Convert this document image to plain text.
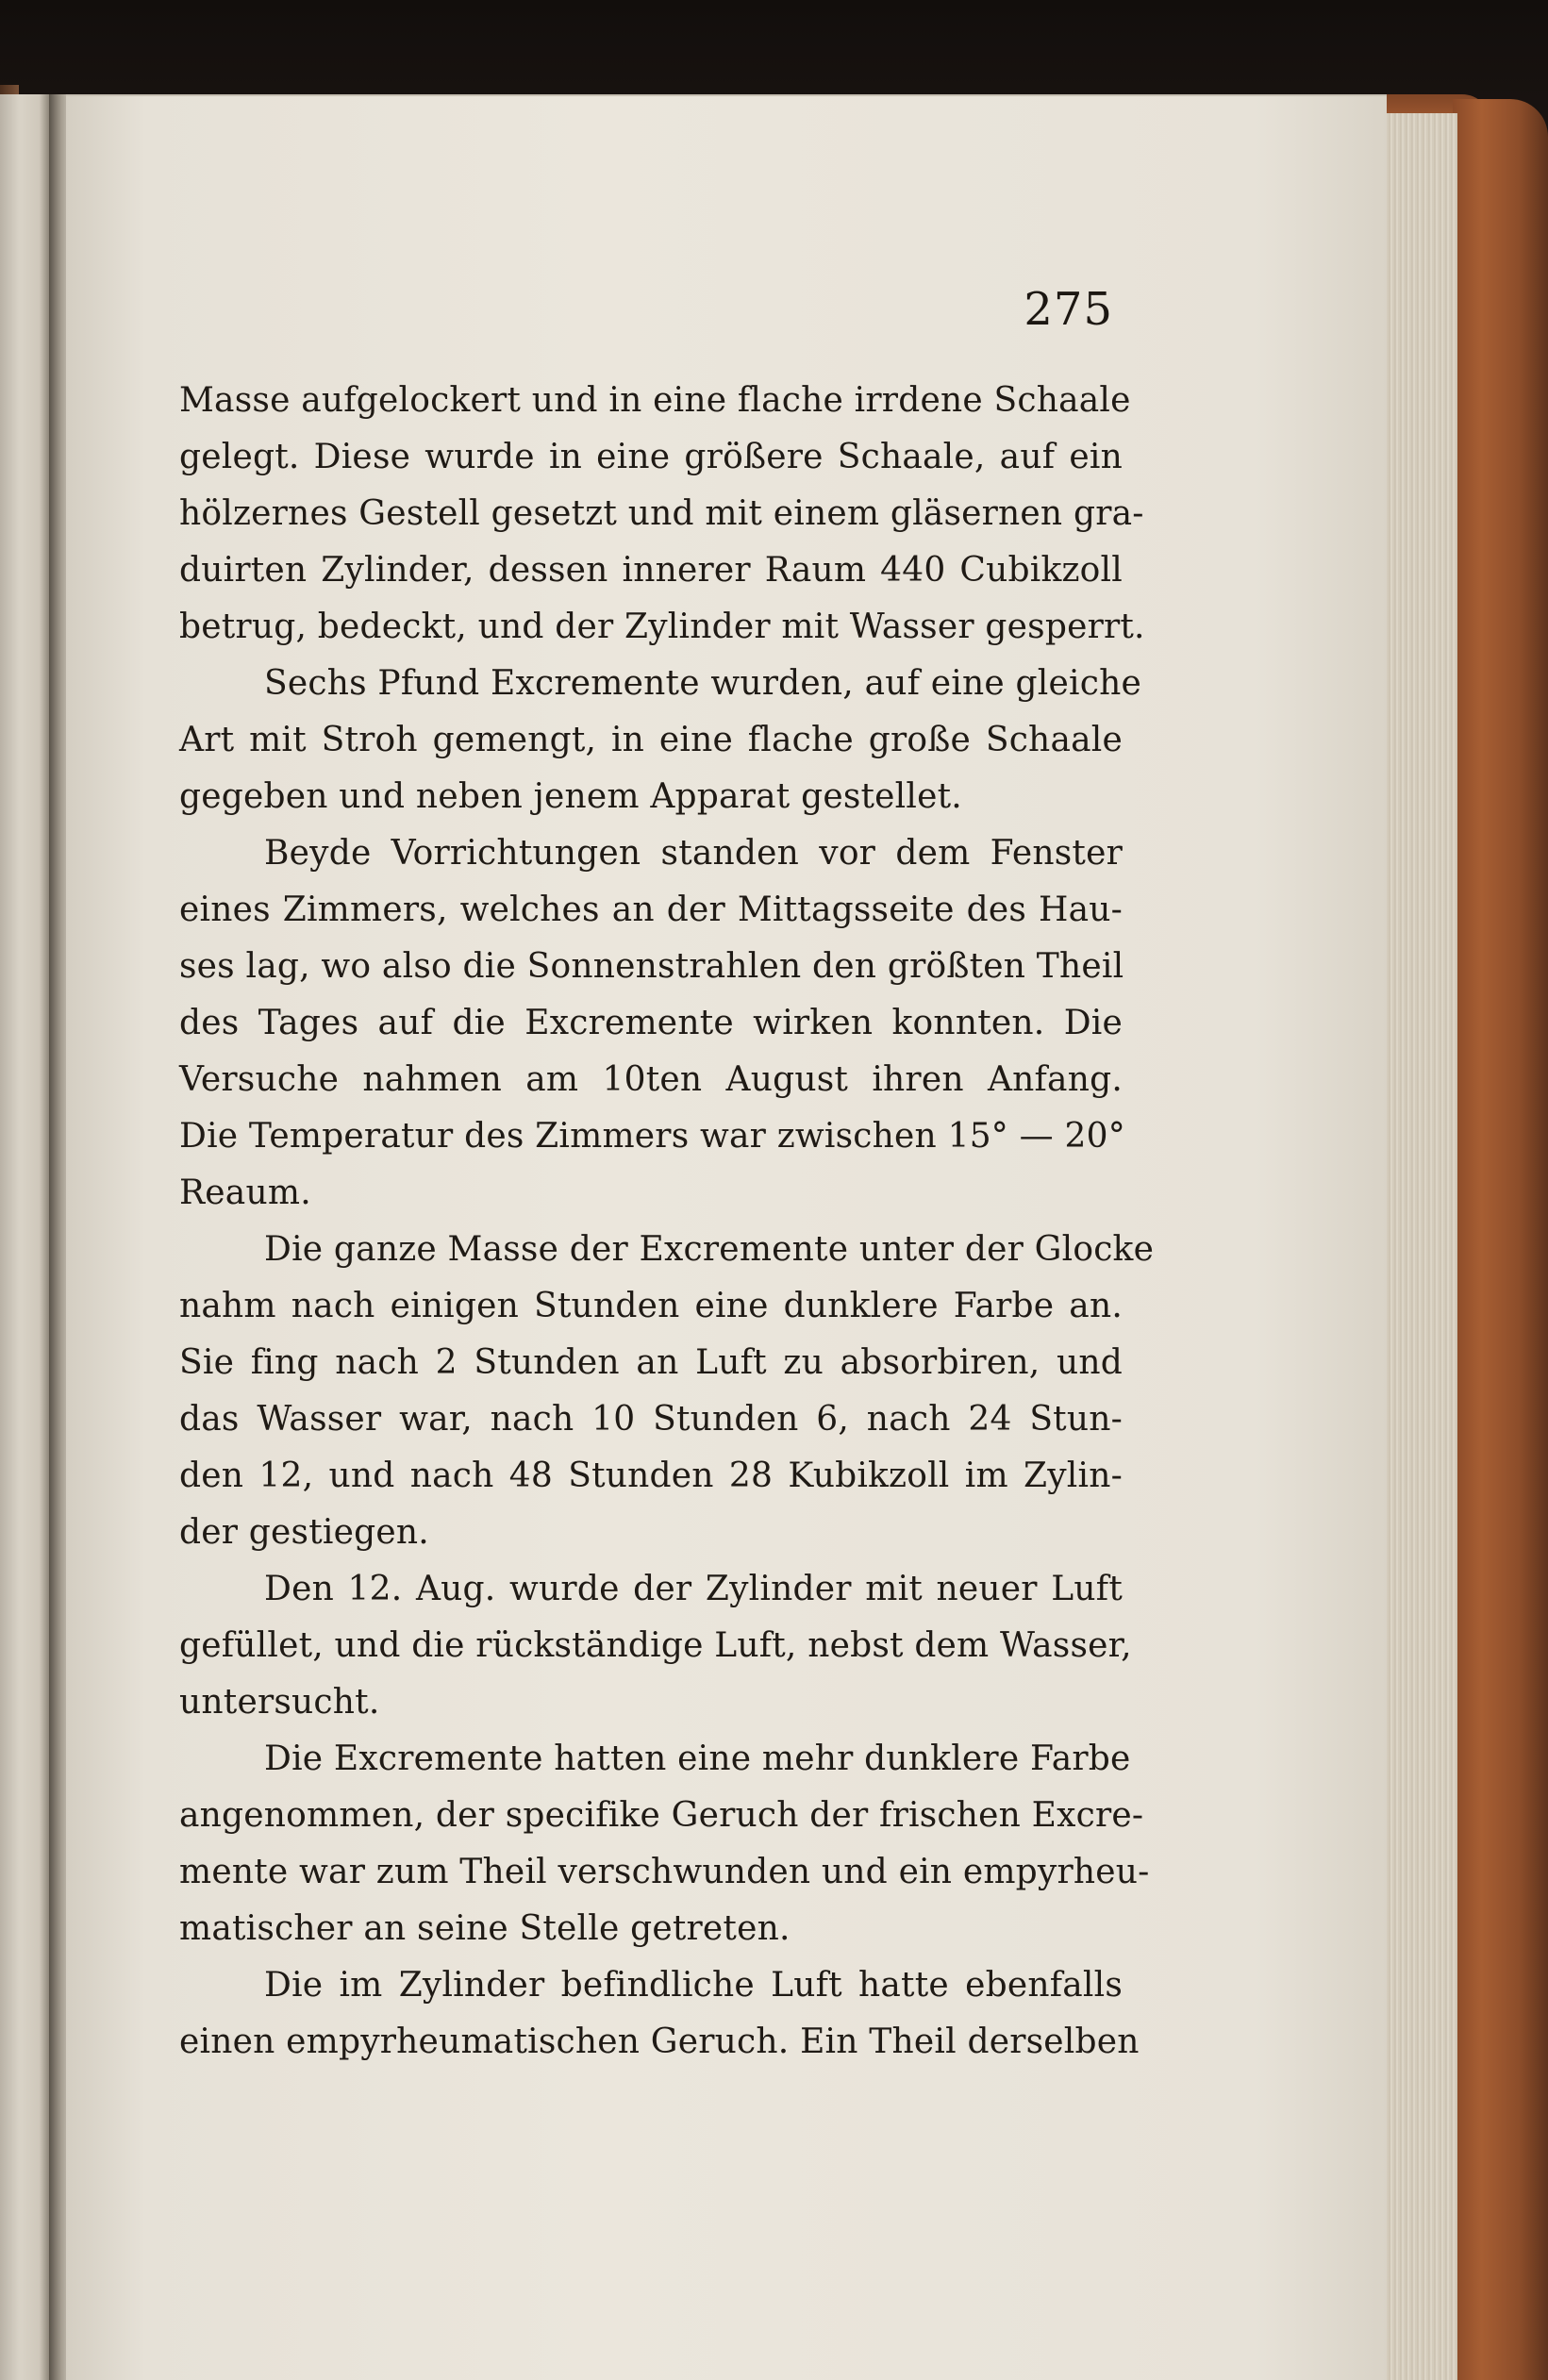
275
Masse aufgelockert und in eine flache irrdene Schaale
gelegt. Diese wurde in eine größere Schaale, auf ein
hölzernes Gestell gesetzt und mit einem gläsernen gra-
duirten Zylinder, dessen innerer Raum 440 Cubikzoll
betrug, bedeckt, und der Zylinder mit Wasser gesperrt.
Sechs Pfund Excremente wurden, auf eine gleiche
Art mit Stroh gemengt, in eine flache große Schaale
gegeben und neben jenem Apparat gestellet.
Beyde Vorrichtungen standen vor dem Fenster
eines Zimmers, welches an der Mittagsseite des Hau-
ses lag, wo also die Sonnenstrahlen den größten Theil
des Tages auf die Excremente wirken konnten. Die
Versuche nahmen am 10ten August ihren Anfang.
Die Temperatur des Zimmers war zwischen 15° — 20°
Reaum.
Die ganze Masse der Excremente unter der Glocke
nahm nach einigen Stunden eine dunklere Farbe an.
Sie fing nach 2 Stunden an Luft zu absorbiren, und
das Wasser war, nach 10 Stunden 6, nach 24 Stun-
den 12, und nach 48 Stunden 28 Kubikzoll im Zylin-
der gestiegen.
Den 12. Aug. wurde der Zylinder mit neuer Luft
gefüllet, und die rückständige Luft, nebst dem Wasser,
untersucht.
Die Excremente hatten eine mehr dunklere Farbe
angenommen, der specifike Geruch der frischen Excre-
mente war zum Theil verschwunden und ein empyrheu-
matischer an seine Stelle getreten.
Die im Zylinder befindliche Luft hatte ebenfalls
einen empyrheumatischen Geruch. Ein Theil derselben
